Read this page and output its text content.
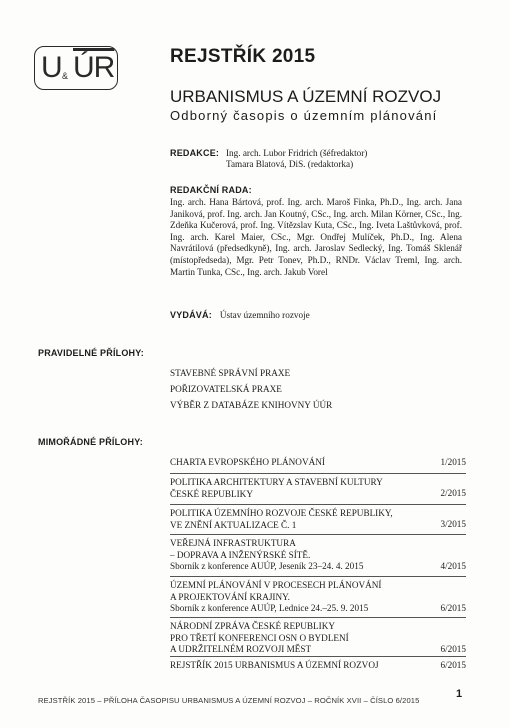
U & $\overline{ÚR}$	REJSTŘÍK 2015
URBANISMUS A ÚZEMNÍ ROZVOJ
Odborný časopis o územním plánování
REDAKCE: Ing. arch. Lubor Fridrich (šéfredaktor)
Tamara Blatová, DiS. (redaktorka)
REDAKČNÍ RADA:
Ing. arch. Hana Bártová, prof. Ing. arch. Maroš Finka, Ph.D., Ing. arch. Jana Janiková, prof. Ing. arch. Jan Koutný, CSc., Ing. arch. Milan Körner, CSc., Ing. Zdeňka Kučerová, prof. Ing. Vítězslav Kuta, CSc., Ing. Iveta Laštůvková, prof. Ing. arch. Karel Maier, CSc., Mgr. Ondřej Mulíček, Ph.D., Ing. Alena Navrátilová (předsedkyně), Ing. arch. Jaroslav Sedlecký, Ing. Tomáš Sklenář (místopředseda), Mgr. Petr Tonev, Ph.D., RNDr. Václav Treml, Ing. arch. Martin Tunka, CSc., Ing. arch. Jakub Vorel
VYDÁVÁ: Ústav územního rozvoje
PRAVIDELNÉ PŘÍLOHY:
STAVEBNÉ SPRÁVNÍ PRAXE
POŘIZOVATELSKÁ PRAXE
VÝBĚR Z DATABÁZE KNIHOVNY ÚÚR
MIMOŘÁDNÉ PŘÍLOHY:
CHARTA EVROPSKÉHO PLÁNOVÁNÍ	1/2015
POLITIKA ARCHITEKTURY A STAVEBNÍ KULTURY
ČESKÉ REPUBLIKY	2/2015
POLITIKA ÚZEMNÍHO ROZVOJE ČESKÉ REPUBLIKY,
VE ZNĚNÍ AKTUALIZACE Č. 1	3/2015
VEŘEJNÁ INFRASTRUKTURA
– DOPRAVA A INŽENÝRSKÉ SÍTĚ.
Sborník z konference AUÚP, Jeseník 23–24. 4. 2015	4/2015
ÚZEMNÍ PLÁNOVÁNÍ V PROCESECH PLÁNOVÁNÍ
A PROJEKTOVÁNÍ KRAJINY.
Sborník z konference AUÚP, Lednice 24.–25. 9. 2015	6/2015
NÁRODNÍ ZPRÁVA ČESKÉ REPUBLIKY
PRO TŘETÍ KONFERENCI OSN O BYDLENÍ
A UDRŽITELNÉM ROZVOJI MĚST	6/2015
REJSTŘÍK 2015 URBANISMUS A ÚZEMNÍ ROZVOJ	6/2015
REJSTŘÍK 2015 – PŘÍLOHA ČASOPISU URBANISMUS A ÚZEMNÍ ROZVOJ – ROČNÍK XVII – ČÍSLO 6/2015
1
